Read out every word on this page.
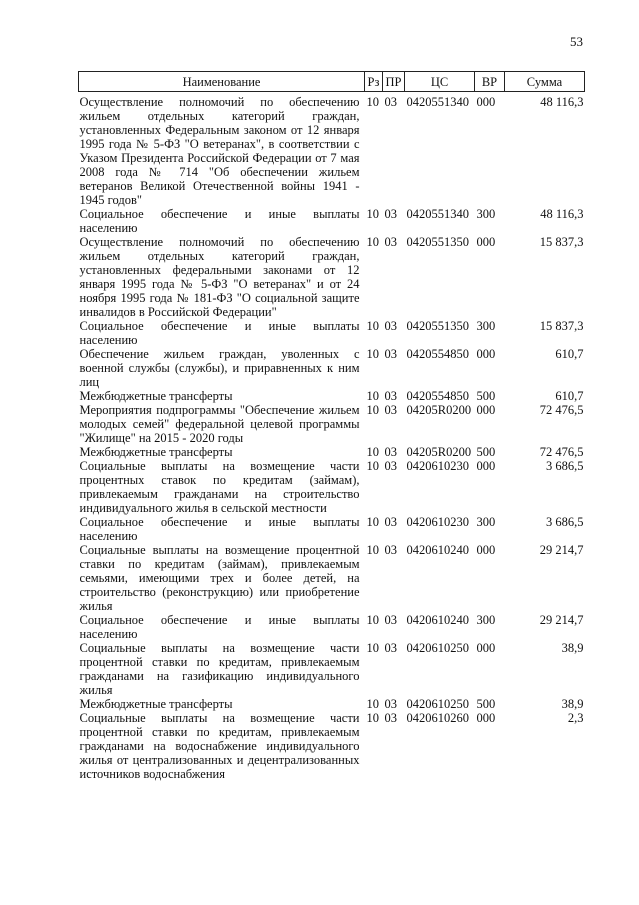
53
Наименование	Рз	ПР	ЦС	ВР	Сумма
Осуществление полномочий по обеспечению жильем отдельных категорий граждан, установленных Федеральным законом от 12 января 1995 года № 5-ФЗ "О ветеранах", в соответствии с Указом Президента Российской Федерации от 7 мая 2008 года № 714 "Об обеспечении жильем ветеранов Великой Отечественной войны 1941 - 1945 годов"	10	03	0420551340	000	48 116,3
Социальное обеспечение и иные выплаты населению	10	03	0420551340	300	48 116,3
Осуществление полномочий по обеспечению жильем отдельных категорий граждан, установленных федеральными законами от 12 января 1995 года № 5-ФЗ "О ветеранах" и от 24 ноября 1995 года № 181-ФЗ "О социальной защите инвалидов в Российской Федерации"	10	03	0420551350	000	15 837,3
Социальное обеспечение и иные выплаты населению	10	03	0420551350	300	15 837,3
Обеспечение жильем граждан, уволенных с военной службы (службы), и приравненных к ним лиц	10	03	0420554850	000	610,7
Межбюджетные трансферты	10	03	0420554850	500	610,7
Мероприятия подпрограммы "Обеспечение жильем молодых семей" федеральной целевой программы "Жилище" на 2015 - 2020 годы	10	03	04205R0200	000	72 476,5
Межбюджетные трансферты	10	03	04205R0200	500	72 476,5
Социальные выплаты на возмещение части процентных ставок по кредитам (займам), привлекаемым гражданами на строительство индивидуального жилья в сельской местности	10	03	0420610230	000	3 686,5
Социальное обеспечение и иные выплаты населению	10	03	0420610230	300	3 686,5
Социальные выплаты на возмещение процентной ставки по кредитам (займам), привлекаемым семьями, имеющими трех и более детей, на строительство (реконструкцию) или приобретение жилья	10	03	0420610240	000	29 214,7
Социальное обеспечение и иные выплаты населению	10	03	0420610240	300	29 214,7
Социальные выплаты на возмещение части процентной ставки по кредитам, привлекаемым гражданами на газификацию индивидуального жилья	10	03	0420610250	000	38,9
Межбюджетные трансферты	10	03	0420610250	500	38,9
Социальные выплаты на возмещение части процентной ставки по кредитам, привлекаемым гражданами на водоснабжение индивидуального жилья от централизованных и децентрализованных источников водоснабжения	10	03	0420610260	000	2,3
